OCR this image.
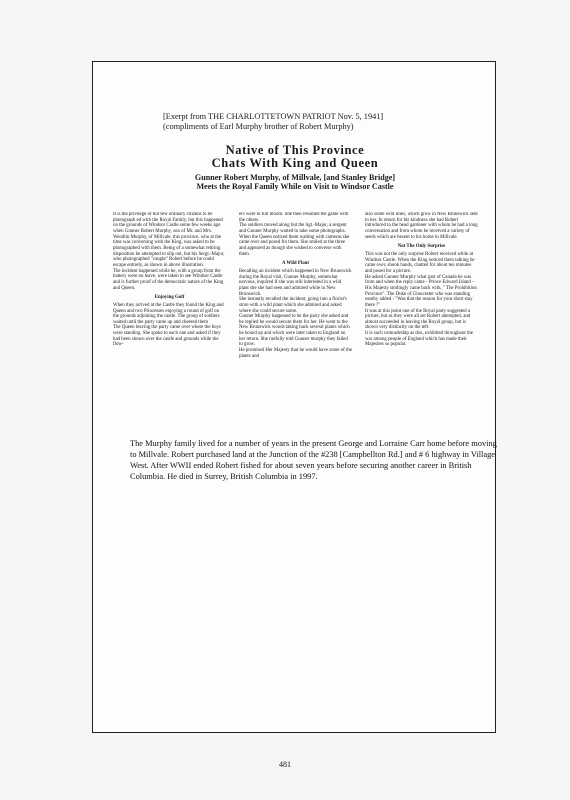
[Exerpt from THE CHARLOTTETOWN PATRIOT Nov. 5, 1941]
(compliments of Earl Murphy brother of Robert Murphy)
Native of This Province
Chats With King and Queen
Gunner Robert Murphy, of Millvale, [and Stanley Bridge]
Meets the Royal Family While on Visit to Windsor Castle

It is the privilege of but few ordinary citizens to be photograph ed with the Royal Family, but this happened on the grounds of Windsor Castle some few weeks ago when Gunner Robert Murphy, son of Mr. and Mrs. Wendlin Murphy, of Millvale, this province, who at the time was conversing with the King, was asked to be photographed with them. Being of a somewhat retiring disposition he attempted to slip out, but his Sergt.-Major, who photographed "caught" Robert before he could escape entirely, as shown in above illustration.

The incident happened while he, with a group from the battery were on leave, were taken to see Windsor Castle and is further proof of the democratic nature of the King and Queen.

Enjoying Golf

When they arrived at the Castle they found the King and Queen and two Princesses enjoying a round of golf on the grounds adjoining the castle. The group of soldiers waited until the party came up and cheered them

The Queen leaving the party came over where the boys were standing. She spoke to each one and asked if they had been shown over the castle and grounds while the flow-

ers were in full bloom. She then resumed the game with the others.

The soldiers moved along but the Sgt.-Major, a sergent and Gunner Murphy waited to take some photographs. When the Queen noticed them waiting with cameras she came over and posed fro them. She smiled at the three and appeared as though she wished to converse with them.

A Wild Plant

Recalling an incident which happened in New Brunswick during the Royal visit, Gunner Murphy, somewhat nervous, inquired if she was still interested in a wild plant she she had seen and admired while in New Brunswick.

She instantly recalled the incident, going into a florist's store with a wild plant which she admired and asked where she could secure some.

Gunner Murphy happened to be the party she asked and he replied he would secure them for her. He went to the New Brunswick woods taking back several plants which he boxed up and which were later taken to England on her return. She ruefully told Gunner murphy they failed to grow.

He promised Her Majesty that he would have some of the plants and

also some wild lilies, which grow in New Brunswick sent to her. In return for his kindness she had Robert introduced to the head gardener with whom he had a long conversation and from whom he received a variety of seeds which are besent to his home in Millvale.

Not The Only Surprise

This was not the only surprise Robert received while at Windsor Castle. When the King noticed them talking he came over, shook hands, chatted for about ten minutes and posed for a picture.

He asked Gunner Murphy what part of Canada he was from and when the reply came - Prince Edward Island - His Majesty smilingly came back with, " The Prohibition Province". The Duke of Gloucester who was standing nearby added - "Was that the reason for your short stay there ?"

It was at this point one of the Royal party suggested a picture, but as they were all set Robert attempted, and almost succeeded in leaving the Royal group, but is shown very distinctly on the left.

It is such comradeship as this, exhibited throughout the war among people of England which has made their Majesties so popular.

The Murphy family lived for a number of years in the present George and Lorraine Carr home before moving to Millvale. Robert purchased land at the Junction of the #238 [Campbellton Rd.] and # 6 highway in Village West. After WWII ended Robert fished for about seven years before securing another career in British Columbia. He died in Surrey, British Columbia in 1997.
481
